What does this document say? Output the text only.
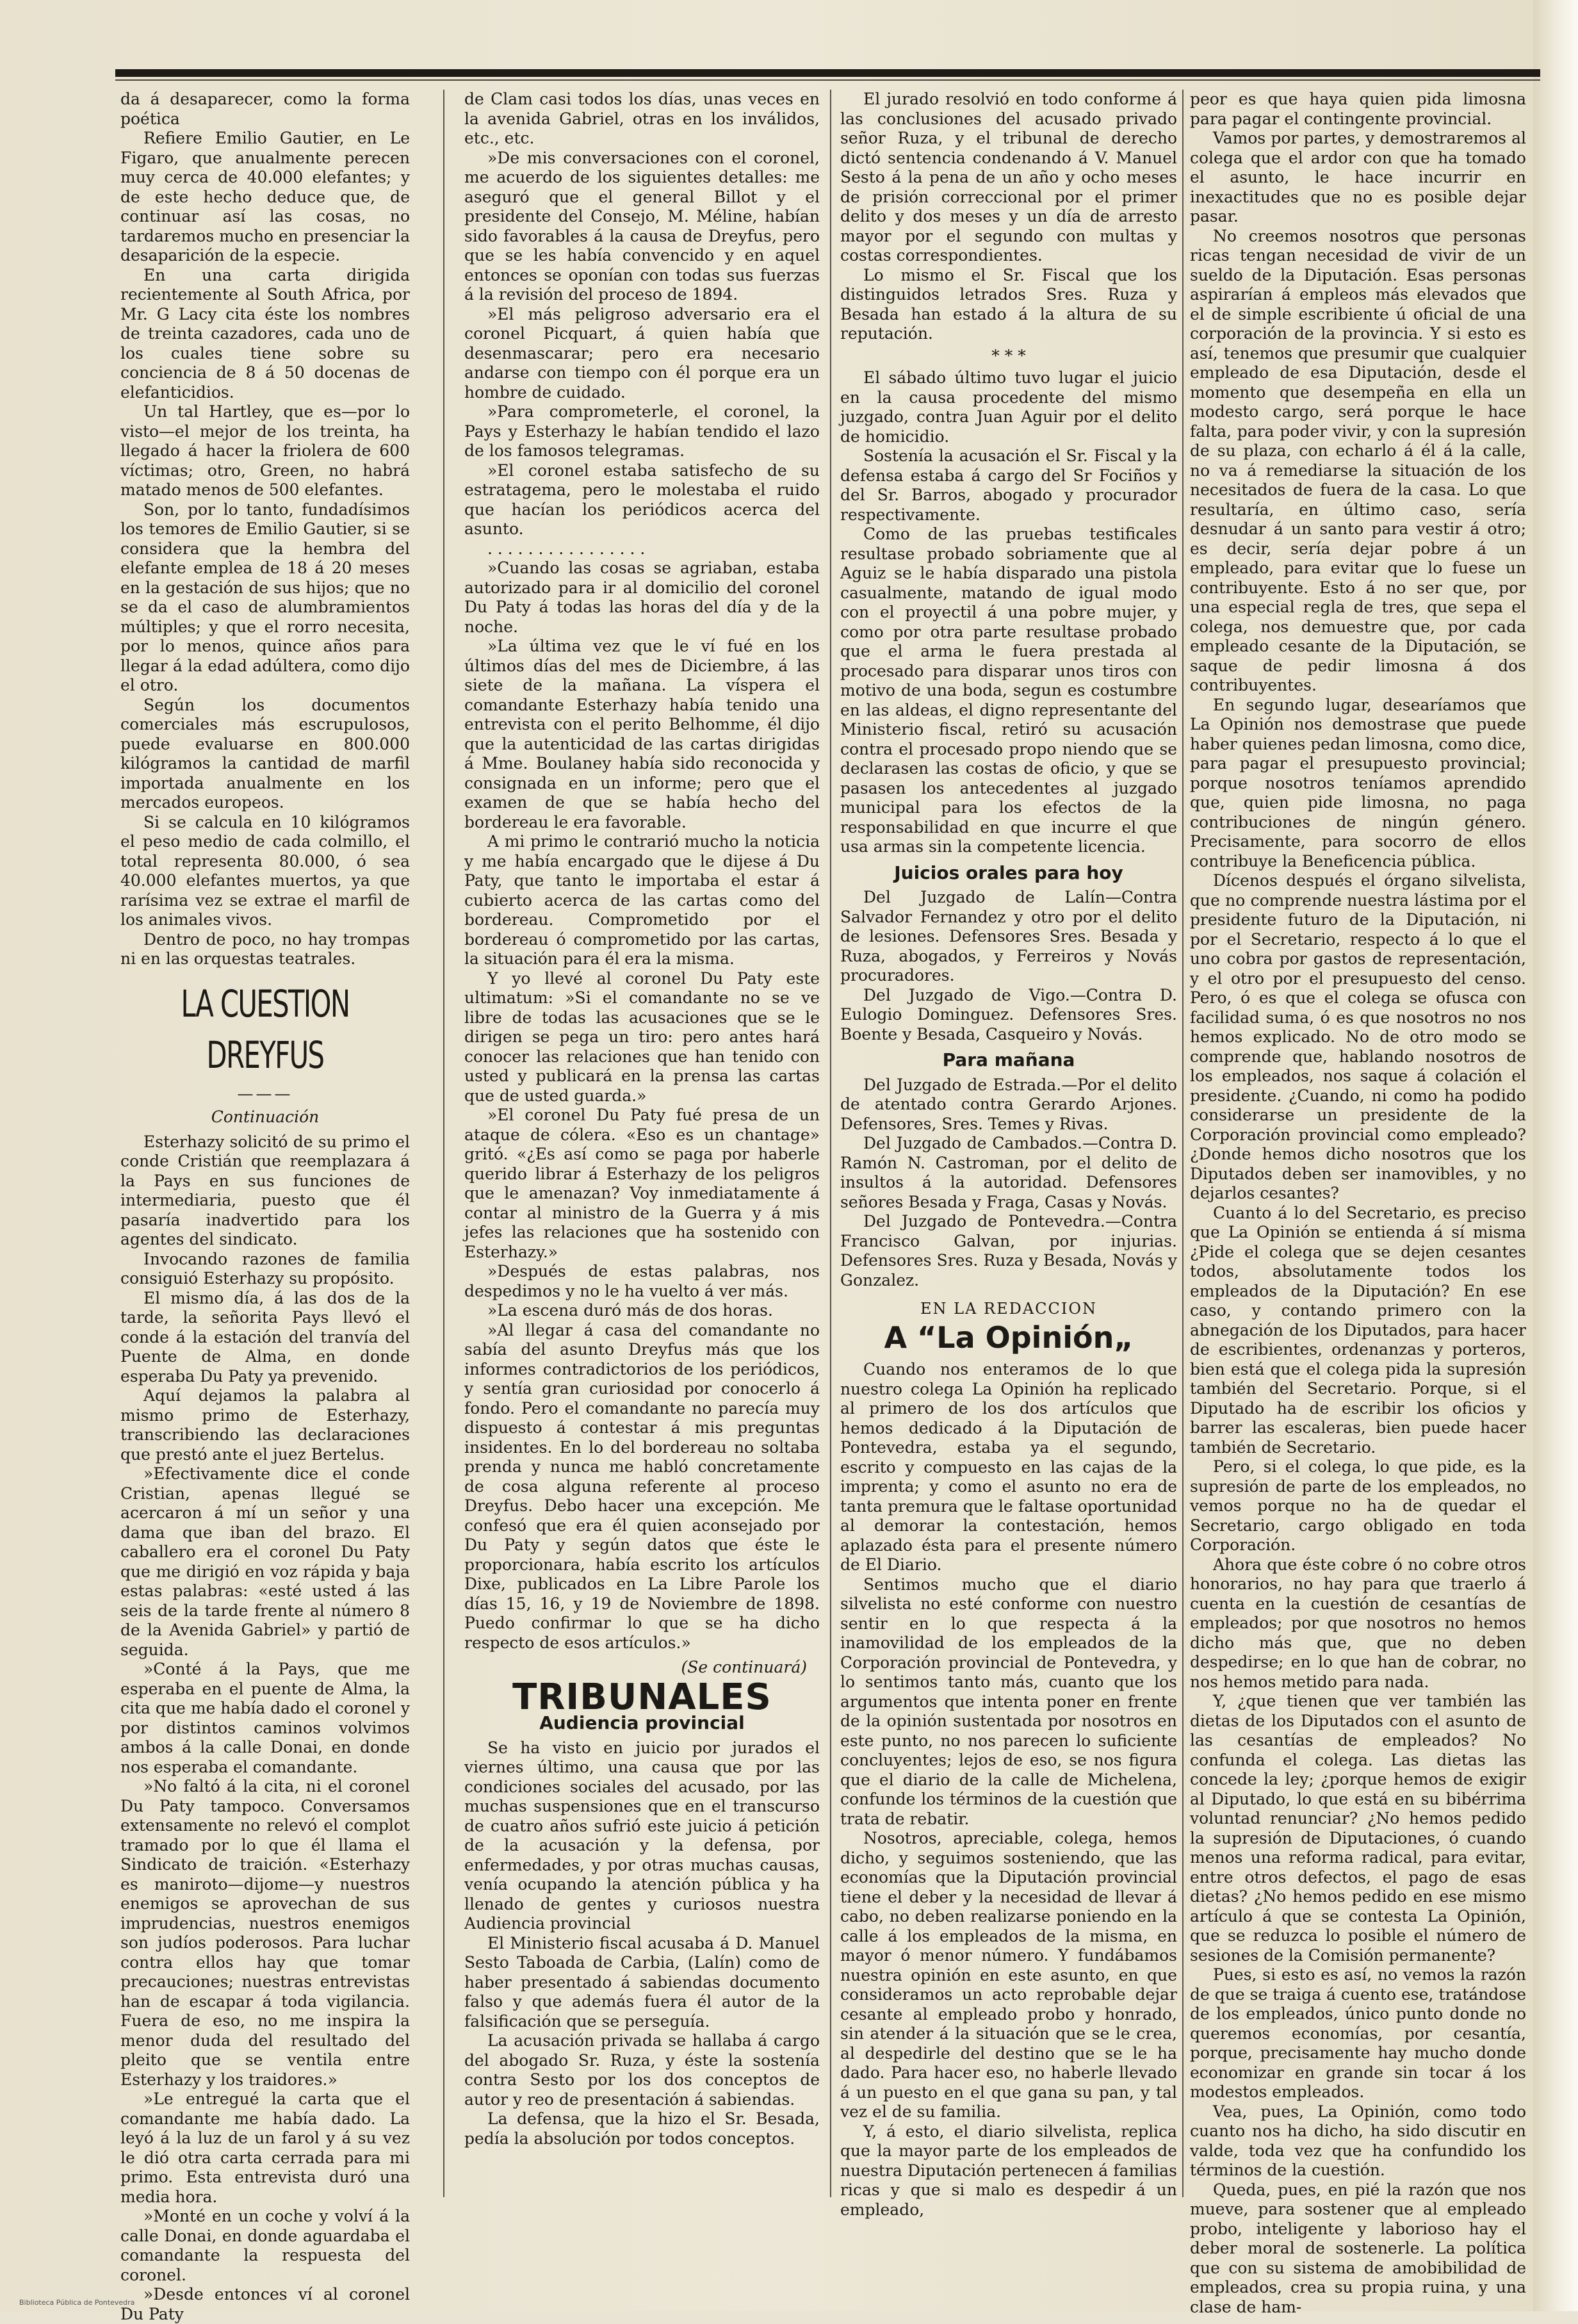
da á desaparecer, como la forma poética

Refiere Emilio Gautier, en Le Figaro, que anualmente perecen muy cerca de 40.000 elefantes; y de este hecho deduce que, de continuar así las cosas, no tardaremos mucho en presenciar la desaparición de la especie.

En una carta dirigida recientemente al South Africa, por Mr. G Lacy cita éste los nombres de treinta cazadores, cada uno de los cuales tiene sobre su conciencia de 8 á 50 docenas de elefanticidios.

Un tal Hartley, que es—por lo visto—el mejor de los treinta, ha llegado á hacer la friolera de 600 víctimas; otro, Green, no habrá matado menos de 500 elefantes.

Son, por lo tanto, fundadísimos los temores de Emilio Gautier, si se considera que la hembra del elefante emplea de 18 á 20 meses en la gestación de sus hijos; que no se da el caso de alumbramientos múltiples; y que el rorro necesita, por lo menos, quince años para llegar á la edad adúltera, como dijo el otro.

Según los documentos comerciales más escrupulosos, puede evaluarse en 800.000 kilógramos la cantidad de marfil importada anualmente en los mercados europeos.

Si se calcula en 10 kilógramos el peso medio de cada colmillo, el total representa 80.000, ó sea 40.000 elefantes muertos, ya que rarísima vez se extrae el marfil de los animales vivos.

Dentro de poco, no hay trompas ni en las orquestas teatrales.

LA CUESTION DREYFUS
———
Continuación

Esterhazy solicitó de su primo el conde Cristián que reemplazara á la Pays en sus funciones de intermediaria, puesto que él pasaría inadvertido para los agentes del sindicato.

Invocando razones de familia consiguió Esterhazy su propósito.

El mismo día, á las dos de la tarde, la señorita Pays llevó el conde á la estación del tranvía del Puente de Alma, en donde esperaba Du Paty ya prevenido.

Aquí dejamos la palabra al mismo primo de Esterhazy, transcribiendo las declaraciones que prestó ante el juez Bertelus.

»Efectivamente dice el conde Cristian, apenas llegué se acercaron á mí un señor y una dama que iban del brazo. El caballero era el coronel Du Paty que me dirigió en voz rápida y baja estas palabras: «esté usted á las seis de la tarde frente al número 8 de la Avenida Gabriel» y partió de seguida.

»Conté á la Pays, que me esperaba en el puente de Alma, la cita que me había dado el coronel y por distintos caminos volvimos ambos á la calle Donai, en donde nos esperaba el comandante.

»No faltó á la cita, ni el coronel Du Paty tampoco. Conversamos extensamente no relevó el complot tramado por lo que él llama el Sindicato de traición. «Esterhazy es maniroto—dijome—y nuestros enemigos se aprovechan de sus imprudencias, nuestros enemigos son judíos poderosos. Para luchar contra ellos hay que tomar precauciones; nuestras entrevistas han de escapar á toda vigilancia. Fuera de eso, no me inspira la menor duda del resultado del pleito que se ventila entre Esterhazy y los traidores.»

»Le entregué la carta que el comandante me había dado. La leyó á la luz de un farol y á su vez le dió otra carta cerrada para mi primo. Esta entrevista duró una media hora.

»Monté en un coche y volví á la calle Donai, en donde aguardaba el comandante la respuesta del coronel.

»Desde entonces ví al coronel Du Paty

de Clam casi todos los días, unas veces en la avenida Gabriel, otras en los inválidos, etc., etc.

»De mis conversaciones con el coronel, me acuerdo de los siguientes detalles: me aseguró que el general Billot y el presidente del Consejo, M. Méline, habían sido favorables á la causa de Dreyfus, pero que se les había convencido y en aquel entonces se oponían con todas sus fuerzas á la revisión del proceso de 1894.

»El más peligroso adversario era el coronel Picquart, á quien había que desenmascarar; pero era necesario andarse con tiempo con él porque era un hombre de cuidado.

»Para comprometerle, el coronel, la Pays y Esterhazy le habían tendido el lazo de los famosos telegramas.

»El coronel estaba satisfecho de su estratagema, pero le molestaba el ruido que hacían los periódicos acerca del asunto.

. . . . . . . . . . . . . . . .

»Cuando las cosas se agriaban, estaba autorizado para ir al domicilio del coronel Du Paty á todas las horas del día y de la noche.

»La última vez que le ví fué en los últimos días del mes de Diciembre, á las siete de la mañana. La víspera el comandante Esterhazy había tenido una entrevista con el perito Belhomme, él dijo que la autenticidad de las cartas dirigidas á Mme. Boulaney había sido reconocida y consignada en un informe; pero que el examen de que se había hecho del bordereau le era favorable.

A mi primo le contrarió mucho la noticia y me había encargado que le dijese á Du Paty, que tanto le importaba el estar á cubierto acerca de las cartas como del bordereau. Comprometido por el bordereau ó comprometido por las cartas, la situación para él era la misma.

Y yo llevé al coronel Du Paty este ultimatum: »Si el comandante no se ve libre de todas las acusaciones que se le dirigen se pega un tiro: pero antes hará conocer las relaciones que han tenido con usted y publicará en la prensa las cartas que de usted guarda.»

»El coronel Du Paty fué presa de un ataque de cólera. «Eso es un chantage» gritó. «¿Es así como se paga por haberle querido librar á Esterhazy de los peligros que le amenazan? Voy inmediatamente á contar al ministro de la Guerra y á mis jefes las relaciones que ha sostenido con Esterhazy.»

»Después de estas palabras, nos despedimos y no le ha vuelto á ver más.

»La escena duró más de dos horas.

»Al llegar á casa del comandante no sabía del asunto Dreyfus más que los informes contradictorios de los periódicos, y sentía gran curiosidad por conocerlo á fondo. Pero el comandante no parecía muy dispuesto á contestar á mis preguntas insidentes. En lo del bordereau no soltaba prenda y nunca me habló concretamente de cosa alguna referente al proceso Dreyfus. Debo hacer una excepción. Me confesó que era él quien aconsejado por Du Paty y según datos que éste le proporcionara, había escrito los artículos Dixe, publicados en La Libre Parole los días 15, 16, y 19 de Noviembre de 1898. Puedo confirmar lo que se ha dicho respecto de esos artículos.»

(Se continuará)
TRIBUNALES
Audiencia provincial

Se ha visto en juicio por jurados el viernes último, una causa que por las condiciones sociales del acusado, por las muchas suspensiones que en el transcurso de cuatro años sufrió este juicio á petición de la acusación y la defensa, por enfermedades, y por otras muchas causas, venía ocupando la atención pública y ha llenado de gentes y curiosos nuestra Audiencia provincial

El Ministerio fiscal acusaba á D. Manuel Sesto Taboada de Carbia, (Lalín) como de haber presentado á sabiendas documento falso y que además fuera él autor de la falsificación que se perseguía.

La acusación privada se hallaba á cargo del abogado Sr. Ruza, y éste la sostenía contra Sesto por los dos conceptos de autor y reo de presentación á sabiendas.

La defensa, que la hizo el Sr. Besada, pedía la absolución por todos conceptos.

El jurado resolvió en todo conforme á las conclusiones del acusado privado señor Ruza, y el tribunal de derecho dictó sentencia condenando á V. Manuel Sesto á la pena de un año y ocho meses de prisión correccional por el primer delito y dos meses y un día de arresto mayor por el segundo con multas y costas correspondientes.

Lo mismo el Sr. Fiscal que los distinguidos letrados Sres. Ruza y Besada han estado á la altura de su reputación.

* * *

El sábado último tuvo lugar el juicio en la causa procedente del mismo juzgado, contra Juan Aguir por el delito de homicidio.

Sostenía la acusación el Sr. Fiscal y la defensa estaba á cargo del Sr Fociños y del Sr. Barros, abogado y procurador respectivamente.

Como de las pruebas testificales resultase probado sobriamente que al Aguiz se le había disparado una pistola casualmente, matando de igual modo con el proyectil á una pobre mujer, y como por otra parte resultase probado que el arma le fuera prestada al procesado para disparar unos tiros con motivo de una boda, segun es costumbre en las aldeas, el digno representante del Ministerio fiscal, retiró su acusación contra el procesado propo niendo que se declarasen las costas de oficio, y que se pasasen los antecedentes al juzgado municipal para los efectos de la responsabilidad en que incurre el que usa armas sin la competente licencia.

Juicios orales para hoy

Del Juzgado de Lalín—Contra Salvador Fernandez y otro por el delito de lesiones. Defensores Sres. Besada y Ruza, abogados, y Ferreiros y Novás procuradores.

Del Juzgado de Vigo.—Contra D. Eulogio Dominguez. Defensores Sres. Boente y Besada, Casqueiro y Novás.

Para mañana

Del Juzgado de Estrada.—Por el delito de atentado contra Gerardo Arjones. Defensores, Sres. Temes y Rivas.

Del Juzgado de Cambados.—Contra D. Ramón N. Castroman, por el delito de insultos á la autoridad. Defensores señores Besada y Fraga, Casas y Novás.

Del Juzgado de Pontevedra.—Contra Francisco Galvan, por injurias. Defensores Sres. Ruza y Besada, Novás y Gonzalez.

EN LA REDACCION
A “La Opinión„

Cuando nos enteramos de lo que nuestro colega La Opinión ha replicado al primero de los dos artículos que hemos dedicado á la Diputación de Pontevedra, estaba ya el segundo, escrito y compuesto en las cajas de la imprenta; y como el asunto no era de tanta premura que le faltase oportunidad al demorar la contestación, hemos aplazado ésta para el presente número de El Diario.

Sentimos mucho que el diario silvelista no esté conforme con nuestro sentir en lo que respecta á la inamovilidad de los empleados de la Corporación provincial de Pontevedra, y lo sentimos tanto más, cuanto que los argumentos que intenta poner en frente de la opinión sustentada por nosotros en este punto, no nos parecen lo suficiente concluyentes; lejos de eso, se nos figura que el diario de la calle de Michelena, confunde los términos de la cuestión que trata de rebatir.

Nosotros, apreciable, colega, hemos dicho, y seguimos sosteniendo, que las economías que la Diputación provincial tiene el deber y la necesidad de llevar á cabo, no deben realizarse poniendo en la calle á los empleados de la misma, en mayor ó menor número. Y fundábamos nuestra opinión en este asunto, en que consideramos un acto reprobable dejar cesante al empleado probo y honrado, sin atender á la situación que se le crea, al despedirle del destino que se le ha dado. Para hacer eso, no haberle llevado á un puesto en el que gana su pan, y tal vez el de su familia.

Y, á esto, el diario silvelista, replica que la mayor parte de los empleados de nuestra Diputación pertenecen á familias ricas y que si malo es despedir á un empleado,

peor es que haya quien pida limosna para pagar el contingente provincial.

Vamos por partes, y demostraremos al colega que el ardor con que ha tomado el asunto, le hace incurrir en inexactitudes que no es posible dejar pasar.

No creemos nosotros que personas ricas tengan necesidad de vivir de un sueldo de la Diputación. Esas personas aspirarían á empleos más elevados que el de simple escribiente ú oficial de una corporación de la provincia. Y si esto es así, tenemos que presumir que cualquier empleado de esa Diputación, desde el momento que desempeña en ella un modesto cargo, será porque le hace falta, para poder vivir, y con la supresión de su plaza, con echarlo á él á la calle, no va á remediarse la situación de los necesitados de fuera de la casa. Lo que resultaría, en último caso, sería desnudar á un santo para vestir á otro; es decir, sería dejar pobre á un empleado, para evitar que lo fuese un contribuyente. Esto á no ser que, por una especial regla de tres, que sepa el colega, nos demuestre que, por cada empleado cesante de la Diputación, se saque de pedir limosna á dos contribuyentes.

En segundo lugar, desearíamos que La Opinión nos demostrase que puede haber quienes pedan limosna, como dice, para pagar el presupuesto provincial; porque nosotros teníamos aprendido que, quien pide limosna, no paga contribuciones de ningún género. Precisamente, para socorro de ellos contribuye la Beneficencia pública.

Dícenos después el órgano silvelista, que no comprende nuestra lástima por el presidente futuro de la Diputación, ni por el Secretario, respecto á lo que el uno cobra por gastos de representación, y el otro por el presupuesto del censo. Pero, ó es que el colega se ofusca con facilidad suma, ó es que nosotros no nos hemos explicado. No de otro modo se comprende que, hablando nosotros de los empleados, nos saque á colación el presidente. ¿Cuando, ni como ha podido considerarse un presidente de la Corporación provincial como empleado? ¿Donde hemos dicho nosotros que los Diputados deben ser inamovibles, y no dejarlos cesantes?

Cuanto á lo del Secretario, es preciso que La Opinión se entienda á sí misma ¿Pide el colega que se dejen cesantes todos, absolutamente todos los empleados de la Diputación? En ese caso, y contando primero con la abnegación de los Diputados, para hacer de escribientes, ordenanzas y porteros, bien está que el colega pida la supresión también del Secretario. Porque, si el Diputado ha de escribir los oficios y barrer las escaleras, bien puede hacer también de Secretario.

Pero, si el colega, lo que pide, es la supresión de parte de los empleados, no vemos porque no ha de quedar el Secretario, cargo obligado en toda Corporación.

Ahora que éste cobre ó no cobre otros honorarios, no hay para que traerlo á cuenta en la cuestión de cesantías de empleados; por que nosotros no hemos dicho más que, que no deben despedirse; en lo que han de cobrar, no nos hemos metido para nada.

Y, ¿que tienen que ver también las dietas de los Diputados con el asunto de las cesantías de empleados? No confunda el colega. Las dietas las concede la ley; ¿porque hemos de exigir al Diputado, lo que está en su bibérrima voluntad renunciar? ¿No hemos pedido la supresión de Diputaciones, ó cuando menos una reforma radical, para evitar, entre otros defectos, el pago de esas dietas? ¿No hemos pedido en ese mismo artículo á que se contesta La Opinión, que se reduzca lo posible el número de sesiones de la Comisión permanente?

Pues, si esto es así, no vemos la razón de que se traiga á cuento ese, tratándose de los empleados, único punto donde no queremos economías, por cesantía, porque, precisamente hay mucho donde economizar en grande sin tocar á los modestos empleados.

Vea, pues, La Opinión, como todo cuanto nos ha dicho, ha sido discutir en valde, toda vez que ha confundido los términos de la cuestión.

Queda, pues, en pié la razón que nos mueve, para sostener que al empleado probo, inteligente y laborioso hay el deber moral de sostenerle. La política que con su sistema de amobibilidad de empleados, crea su propia ruina, y una clase de ham-

Biblioteca Pública de Pontevedra
